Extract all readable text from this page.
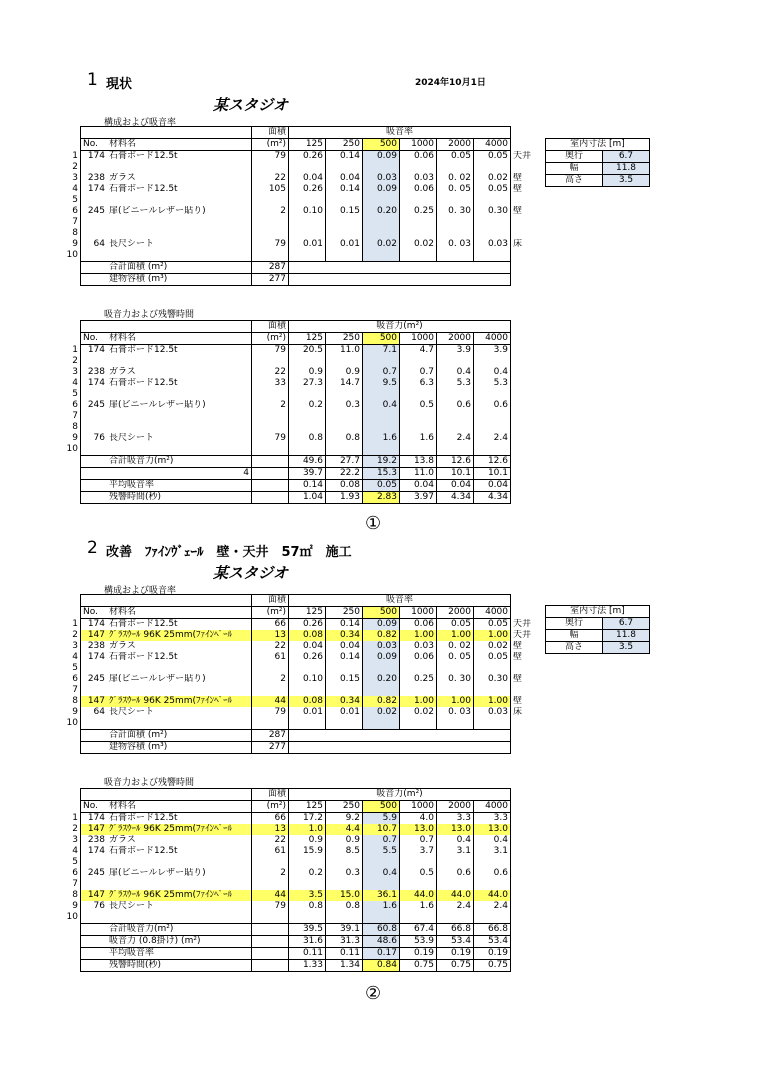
1 現状	2024年10月1日
某スタジオ
構成および吸音率
			面積	吸音率						
	No.	材料名	(m²)	125	250	500	1000	2000	4000	
1	174	石膏ボード12.5t	79	0.26	0.14	0.09	0.06	0.05	0.05	天井
2										
3	238	ガラス	22	0.04	0.04	0.03	0.03	0. 02	0.02	壁
4	174	石膏ボード12.5t	105	0.26	0.14	0.09	0.06	0. 05	0.05	壁
5										
6	245	扉(ビニールレザー貼り)	2	0.10	0.15	0.20	0.25	0. 30	0.30	壁
7										
8										
9	64	長尺シート	79	0.01	0.01	0.02	0.02	0. 03	0.03	床
10										
		合計面積 (m²)	287							
		建物容積 (m³)	277							
室内寸法 [m]	
奥行	6.7
幅	11.8
高さ	3.5
吸音力および残響時間
			面積	吸音力(m²)					
	No.	材料名	(m²)	125	250	500	1000	2000	4000
1	174	石膏ボード12.5t	79	20.5	11.0	7.1	4.7	3.9	3.9
2									
3	238	ガラス	22	0.9	0.9	0.7	0.7	0.4	0.4
4	174	石膏ボード12.5t	33	27.3	14.7	9.5	6.3	5.3	5.3
5									
6	245	扉(ビニールレザー貼り)	2	0.2	0.3	0.4	0.5	0.6	0.6
7									
8									
9	76	長尺シート	79	0.8	0.8	1.6	1.6	2.4	2.4
10									
		合計吸音力(m²)		49.6	27.7	19.2	13.8	12.6	12.6
		4		39.7	22.2	15.3	11.0	10.1	10.1
		平均吸音率		0.14	0.08	0.05	0.04	0.04	0.04
		残響時間(秒)		1.04	1.93	2.83	3.97	4.34	4.34
①
2 改善　ﾌｧｲﾝｳﾞｪｰﾙ　壁・天井　57㎡　施工
某スタジオ
構成および吸音率
			面積	吸音率						
	No.	材料名	(m²)	125	250	500	1000	2000	4000	
1	174	石膏ボード12.5t	66	0.26	0.14	0.09	0.06	0.05	0.05	天井
2	147	ｸﾞﾗｽｳｰﾙ 96K 25mm(ﾌｧｲﾝﾍﾞｰﾙ	13	0.08	0.34	0.82	1.00	1.00	1.00	天井
3	238	ガラス	22	0.04	0.04	0.03	0.03	0. 02	0.02	壁
4	174	石膏ボード12.5t	61	0.26	0.14	0.09	0.06	0. 05	0.05	壁
5										
6	245	扉(ビニールレザー貼り)	2	0.10	0.15	0.20	0.25	0. 30	0.30	壁
7										
8	147	ｸﾞﾗｽｳｰﾙ 96K 25mm(ﾌｧｲﾝﾍﾞｰﾙ	44	0.08	0.34	0.82	1.00	1.00	1.00	壁
9	64	長尺シート	79	0.01	0.01	0.02	0.02	0. 03	0.03	床
10										
		合計面積 (m²)	287							
		建物容積 (m³)	277							
室内寸法 [m]	
奥行	6.7
幅	11.8
高さ	3.5
吸音力および残響時間
			面積	吸音力(m²)					
	No.	材料名	(m²)	125	250	500	1000	2000	4000
1	174	石膏ボード12.5t	66	17.2	9.2	5.9	4.0	3.3	3.3
2	147	ｸﾞﾗｽｳｰﾙ 96K 25mm(ﾌｧｲﾝﾍﾞｰﾙ	13	1.0	4.4	10.7	13.0	13.0	13.0
3	238	ガラス	22	0.9	0.9	0.7	0.7	0.4	0.4
4	174	石膏ボード12.5t	61	15.9	8.5	5.5	3.7	3.1	3.1
5									
6	245	扉(ビニールレザー貼り)	2	0.2	0.3	0.4	0.5	0.6	0.6
7									
8	147	ｸﾞﾗｽｳｰﾙ 96K 25mm(ﾌｧｲﾝﾍﾞｰﾙ	44	3.5	15.0	36.1	44.0	44.0	44.0
9	76	長尺シート	79	0.8	0.8	1.6	1.6	2.4	2.4
10									
		合計吸音力(m²)		39.5	39.1	60.8	67.4	66.8	66.8
		吸音力 (0.8掛け) (m²)		31.6	31.3	48.6	53.9	53.4	53.4
		平均吸音率		0.11	0.11	0.17	0.19	0.19	0.19
		残響時間(秒)		1.33	1.34	0.84	0.75	0.75	0.75
②
